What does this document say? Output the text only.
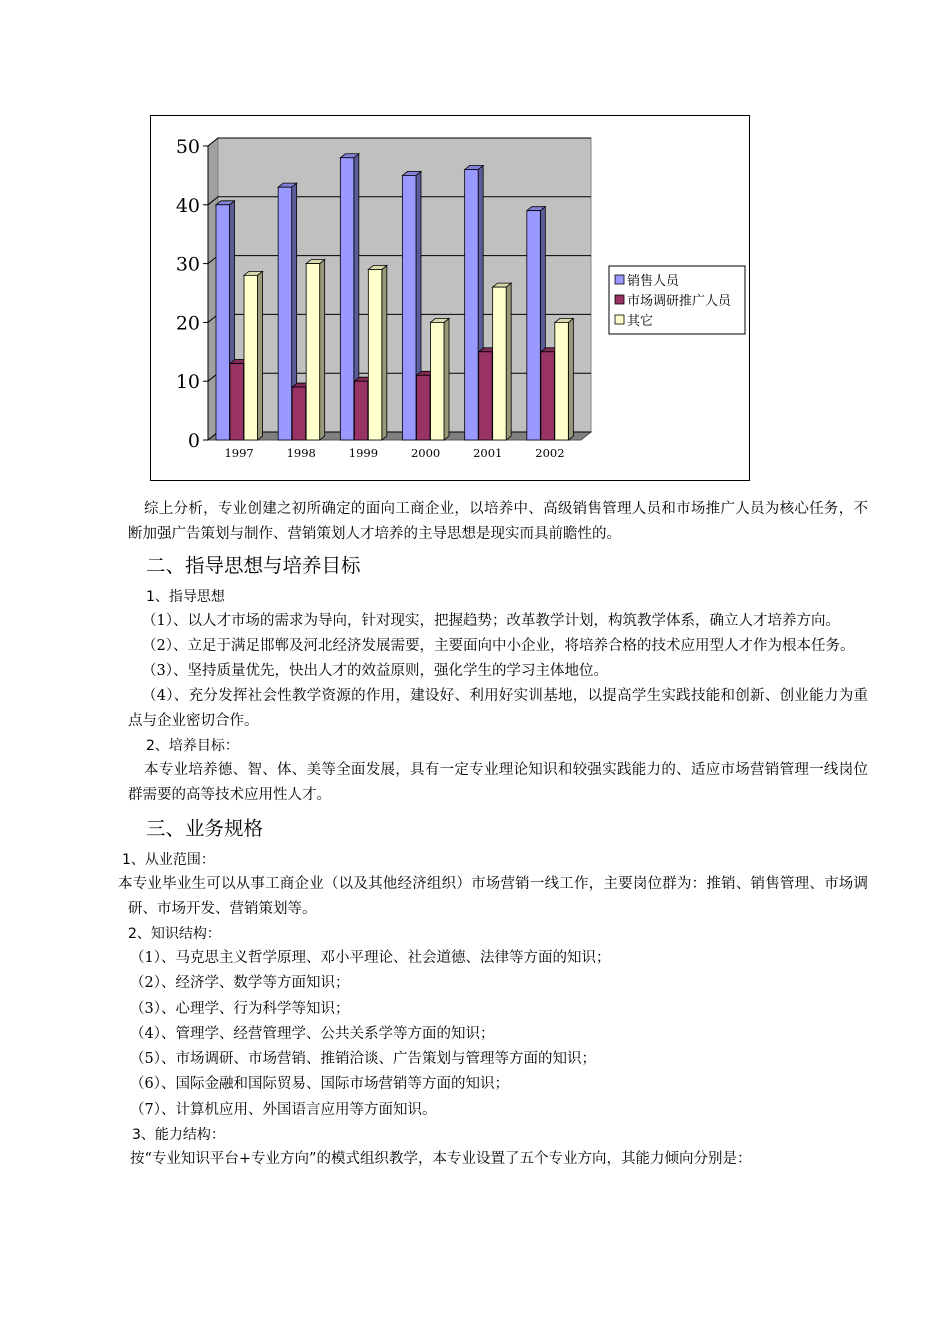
0
10
20
30
40
50
1997	1998	1999	2000	2001	2002
销售人员
市场调研推广人员
其它

综上分析，专业创建之初所确定的面向工商企业，以培养中、高级销售管理人员和市场推广人员为核心任务，不断加强广告策划与制作、营销策划人才培养的主导思想是现实而具前瞻性的。

二、指导思想与培养目标

1、指导思想

（1）、以人才市场的需求为导向，针对现实，把握趋势；改革教学计划，构筑教学体系，确立人才培养方向。

（2）、立足于满足邯郸及河北经济发展需要，主要面向中小企业，将培养合格的技术应用型人才作为根本任务。

（3）、坚持质量优先，快出人才的效益原则，强化学生的学习主体地位。

（4）、充分发挥社会性教学资源的作用，建设好、利用好实训基地，以提高学生实践技能和创新、创业能力为重点与企业密切合作。

2、培养目标：

本专业培养德、智、体、美等全面发展，具有一定专业理论知识和较强实践能力的、适应市场营销管理一线岗位群需要的高等技术应用性人才。

三、业务规格

1、从业范围：

本专业毕业生可以从事工商企业（以及其他经济组织）市场营销一线工作，主要岗位群为：推销、销售管理、市场调研、市场开发、营销策划等。

2、知识结构：

（1）、马克思主义哲学原理、邓小平理论、社会道德、法律等方面的知识；

（2）、经济学、数学等方面知识；

（3）、心理学、行为科学等知识；

（4）、管理学、经营管理学、公共关系学等方面的知识；

（5）、市场调研、市场营销、推销洽谈、广告策划与管理等方面的知识；

（6）、国际金融和国际贸易、国际市场营销等方面的知识；

（7）、计算机应用、外国语言应用等方面知识。

3、能力结构：

按“专业知识平台+专业方向”的模式组织教学，本专业设置了五个专业方向，其能力倾向分别是：
